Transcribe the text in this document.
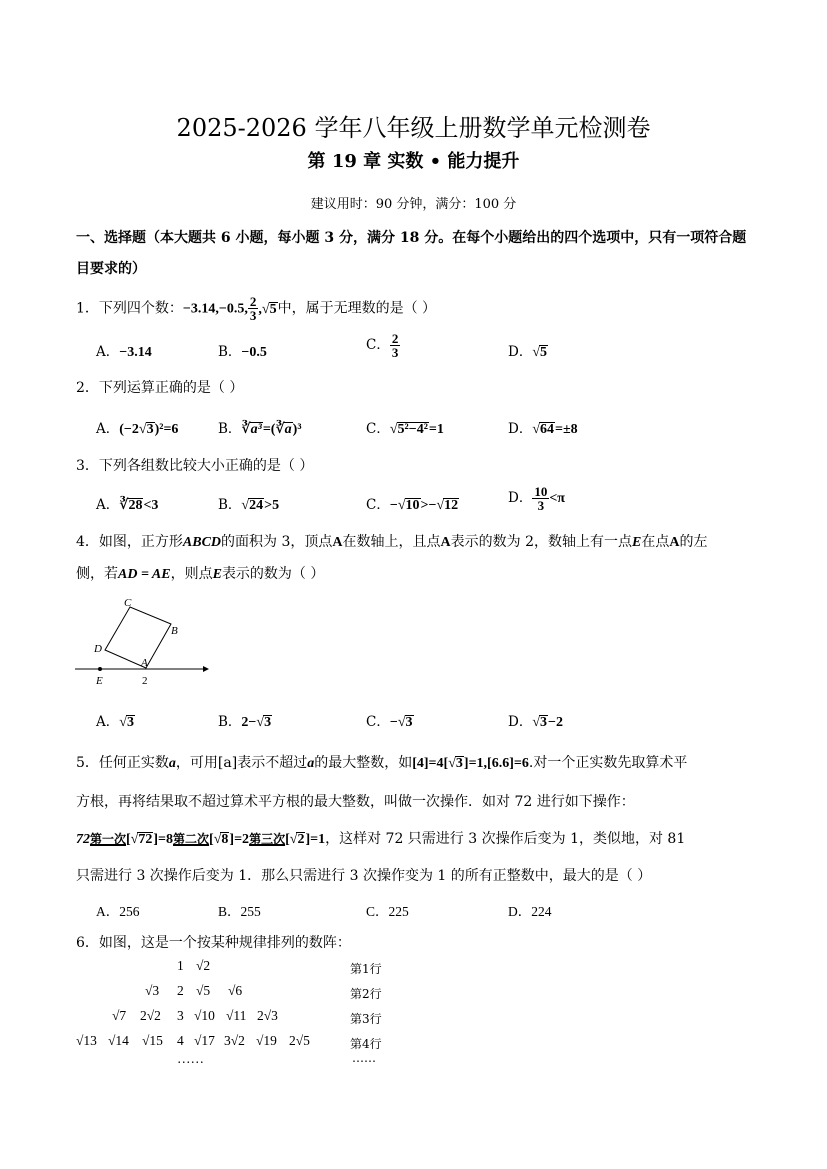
2025-2026 学年八年级上册数学单元检测卷
第 19 章 实数 • 能力提升
建议用时：90 分钟，满分：100 分
一、选择题（本大题共 6 小题，每小题 3 分，满分 18 分。在每个小题给出的四个选项中，只有一项符合题
目要求的）
1．下列四个数：−3.14,−0.5, $\frac{2}{3} ,√5$中，属于无理数的是（ ）
A．−3.14	B．−0.5	C． $\frac{2}{3}$	D．√5
2．下列运算正确的是（ ）
A．(−2√3)²=6	B．∛a³=(∛a)³	C．√5²−4²=1	D．√64=±8
3．下列各组数比较大小正确的是（ ）
A．∛28<3	B．√24>5	C．−√10>−√12	D． $\frac{10}{3} <\pi$
4．如图，正方形ABCD的面积为 3，顶点A在数轴上，且点A表示的数为 2，数轴上有一点E在点A的左
侧，若AD = AE，则点E表示的数为（ ）
C
B
D
A
E	2
A．√3	B．2−√3	C．−√3	D．√3−2
5．任何正实数a，可用[a]表示不超过a的最大整数，如[4]=4[√3]=1,[6.6]=6.对一个正实数先取算术平
方根，再将结果取不超过算术平方根的最大整数，叫做一次操作．如对 72 进行如下操作：
72第一次[√72]=8第二次[√8]=2第三次[√2]=1，这样对 72 只需进行 3 次操作后变为 1，类似地，对 81
只需进行 3 次操作后变为 1．那么只需进行 3 次操作变为 1 的所有正整数中，最大的是（ ）
A．256	B．255	C．225	D．224
6．如图，这是一个按某种规律排列的数阵：
1 √2	第1行
√3 2 √5 √6	第2行
√7 2√2 3 √10 √11 2√3	第3行
√13 √14 √15 4 √17 3√2 √19 2√5	第4行
……	……
